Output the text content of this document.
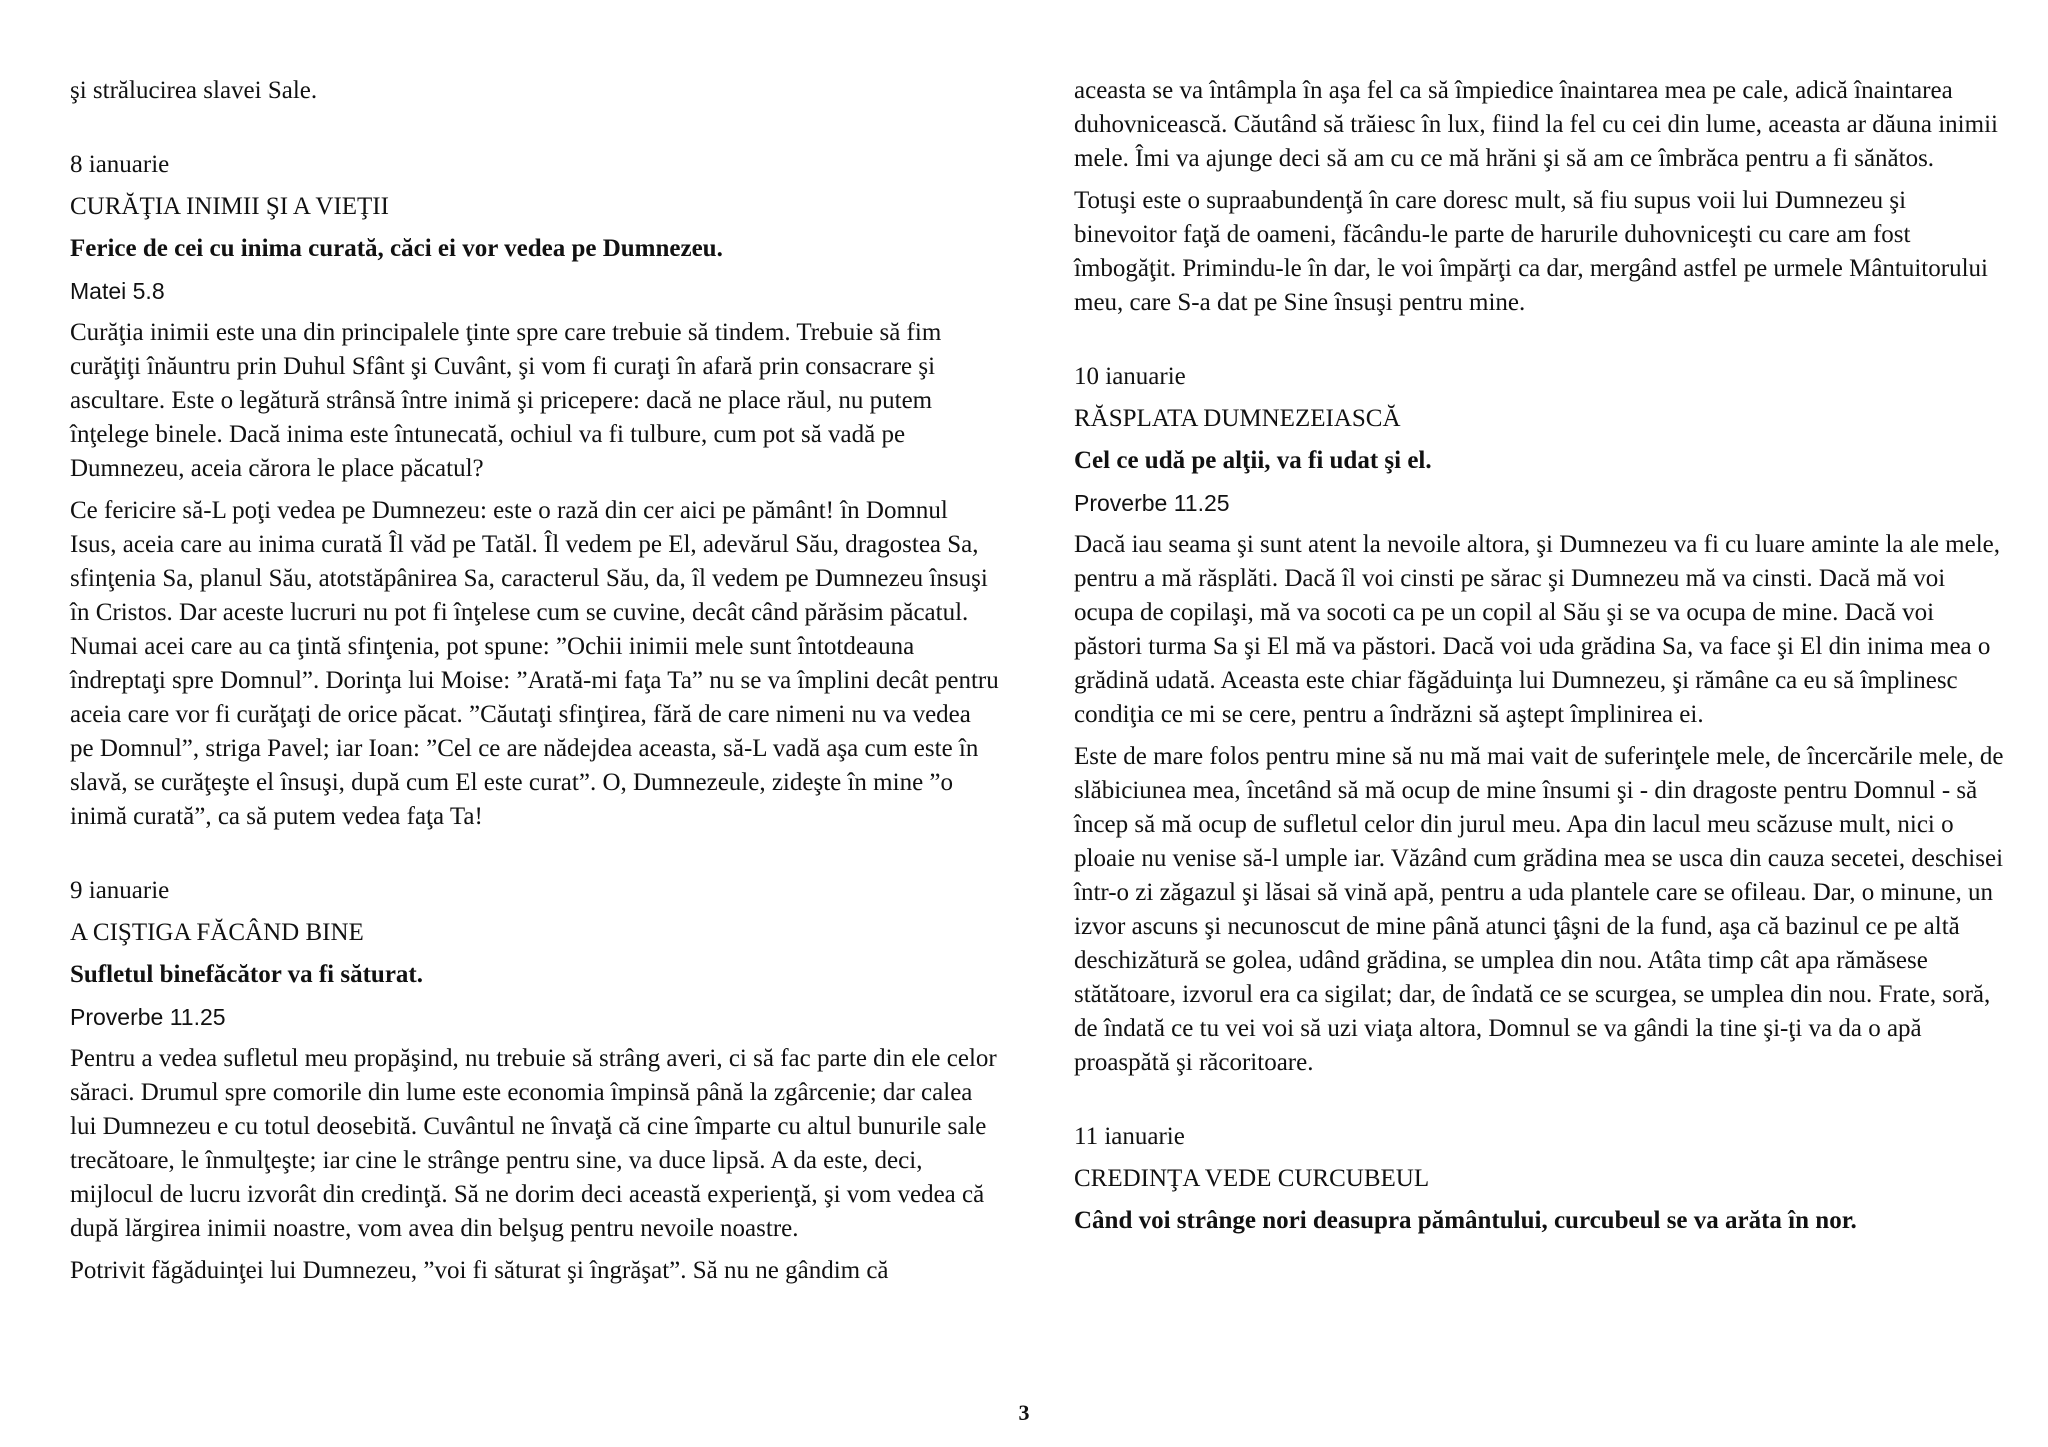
şi strălucirea slavei Sale.

8 ianuarie

CURĂŢIA INIMII ŞI A VIEŢII

Ferice de cei cu inima curată, căci ei vor vedea pe Dumnezeu.

Matei 5.8

Curăţia inimii este una din principalele ţinte spre care trebuie să tindem. Trebuie să fim curăţiţi înăuntru prin Duhul Sfânt şi Cuvânt, şi vom fi curaţi în afară prin consacrare şi ascultare. Este o legătură strânsă între inimă şi pricepere: dacă ne place răul, nu putem înţelege binele. Dacă inima este întunecată, ochiul va fi tulbure, cum pot să vadă pe Dumnezeu, aceia cărora le place păcatul?

Ce fericire să-L poţi vedea pe Dumnezeu: este o rază din cer aici pe pământ! în Domnul Isus, aceia care au inima curată Îl văd pe Tatăl. Îl vedem pe El, adevărul Său, dragostea Sa, sfinţenia Sa, planul Său, atotstăpânirea Sa, caracterul Său, da, îl vedem pe Dumnezeu însuşi în Cristos. Dar aceste lucruri nu pot fi înţelese cum se cuvine, decât când părăsim păcatul. Numai acei care au ca ţintă sfinţenia, pot spune: ”Ochii inimii mele sunt întotdeauna îndreptaţi spre Domnul”. Dorinţa lui Moise: ”Arată-mi faţa Ta” nu se va împlini decât pentru aceia care vor fi curăţaţi de orice păcat. ”Căutaţi sfinţirea, fără de care nimeni nu va vedea pe Domnul”, striga Pavel; iar Ioan: ”Cel ce are nădejdea aceasta, să-L vadă aşa cum este în slavă, se curăţeşte el însuşi, după cum El este curat”. O, Dumnezeule, zideşte în mine ”o inimă curată”, ca să putem vedea faţa Ta!

9 ianuarie

A CIŞTIGA FĂCÂND BINE

Sufletul binefăcător va fi săturat.

Proverbe 11.25

Pentru a vedea sufletul meu propăşind, nu trebuie să strâng averi, ci să fac parte din ele celor săraci. Drumul spre comorile din lume este economia împinsă până la zgârcenie; dar calea lui Dumnezeu e cu totul deosebită. Cuvântul ne învaţă că cine împarte cu altul bunurile sale trecătoare, le înmulţeşte; iar cine le strânge pentru sine, va duce lipsă. A da este, deci, mijlocul de lucru izvorât din credinţă. Să ne dorim deci această experienţă, şi vom vedea că după lărgirea inimii noastre, vom avea din belşug pentru nevoile noastre.

Potrivit făgăduinţei lui Dumnezeu, ”voi fi săturat şi îngrăşat”. Să nu ne gândim că

aceasta se va întâmpla în aşa fel ca să împiedice înaintarea mea pe cale, adică înaintarea duhovnicească. Căutând să trăiesc în lux, fiind la fel cu cei din lume, aceasta ar dăuna inimii mele. Îmi va ajunge deci să am cu ce mă hrăni şi să am ce îmbrăca pentru a fi sănătos.

Totuşi este o supraabundenţă în care doresc mult, să fiu supus voii lui Dumnezeu şi binevoitor faţă de oameni, făcându-le parte de harurile duhovniceşti cu care am fost îmbogăţit. Primindu-le în dar, le voi împărţi ca dar, mergând astfel pe urmele Mântuitorului meu, care S-a dat pe Sine însuşi pentru mine.

10 ianuarie

RĂSPLATA DUMNEZEIASCĂ

Cel ce udă pe alţii, va fi udat şi el.

Proverbe 11.25

Dacă iau seama şi sunt atent la nevoile altora, şi Dumnezeu va fi cu luare aminte la ale mele, pentru a mă răsplăti. Dacă îl voi cinsti pe sărac şi Dumnezeu mă va cinsti. Dacă mă voi ocupa de copilaşi, mă va socoti ca pe un copil al Său şi se va ocupa de mine. Dacă voi păstori turma Sa şi El mă va păstori. Dacă voi uda grădina Sa, va face şi El din inima mea o grădină udată. Aceasta este chiar făgăduinţa lui Dumnezeu, şi rămâne ca eu să împlinesc condiţia ce mi se cere, pentru a îndrăzni să aştept împlinirea ei.

Este de mare folos pentru mine să nu mă mai vait de suferinţele mele, de încercările mele, de slăbiciunea mea, încetând să mă ocup de mine însumi şi - din dragoste pentru Domnul - să încep să mă ocup de sufletul celor din jurul meu. Apa din lacul meu scăzuse mult, nici o ploaie nu venise să-l umple iar. Văzând cum grădina mea se usca din cauza secetei, deschisei într-o zi zăgazul şi lăsai să vină apă, pentru a uda plantele care se ofileau. Dar, o minune, un izvor ascuns şi necunoscut de mine până atunci ţâşni de la fund, aşa că bazinul ce pe altă deschizătură se golea, udând grădina, se umplea din nou. Atâta timp cât apa rămăsese stătătoare, izvorul era ca sigilat; dar, de îndată ce se scurgea, se umplea din nou. Frate, soră, de îndată ce tu vei voi să uzi viaţa altora, Domnul se va gândi la tine şi-ţi va da o apă proaspătă şi răcoritoare.

11 ianuarie

CREDINŢA VEDE CURCUBEUL

Când voi strânge nori deasupra pământului, curcubeul se va arăta în nor.

3
